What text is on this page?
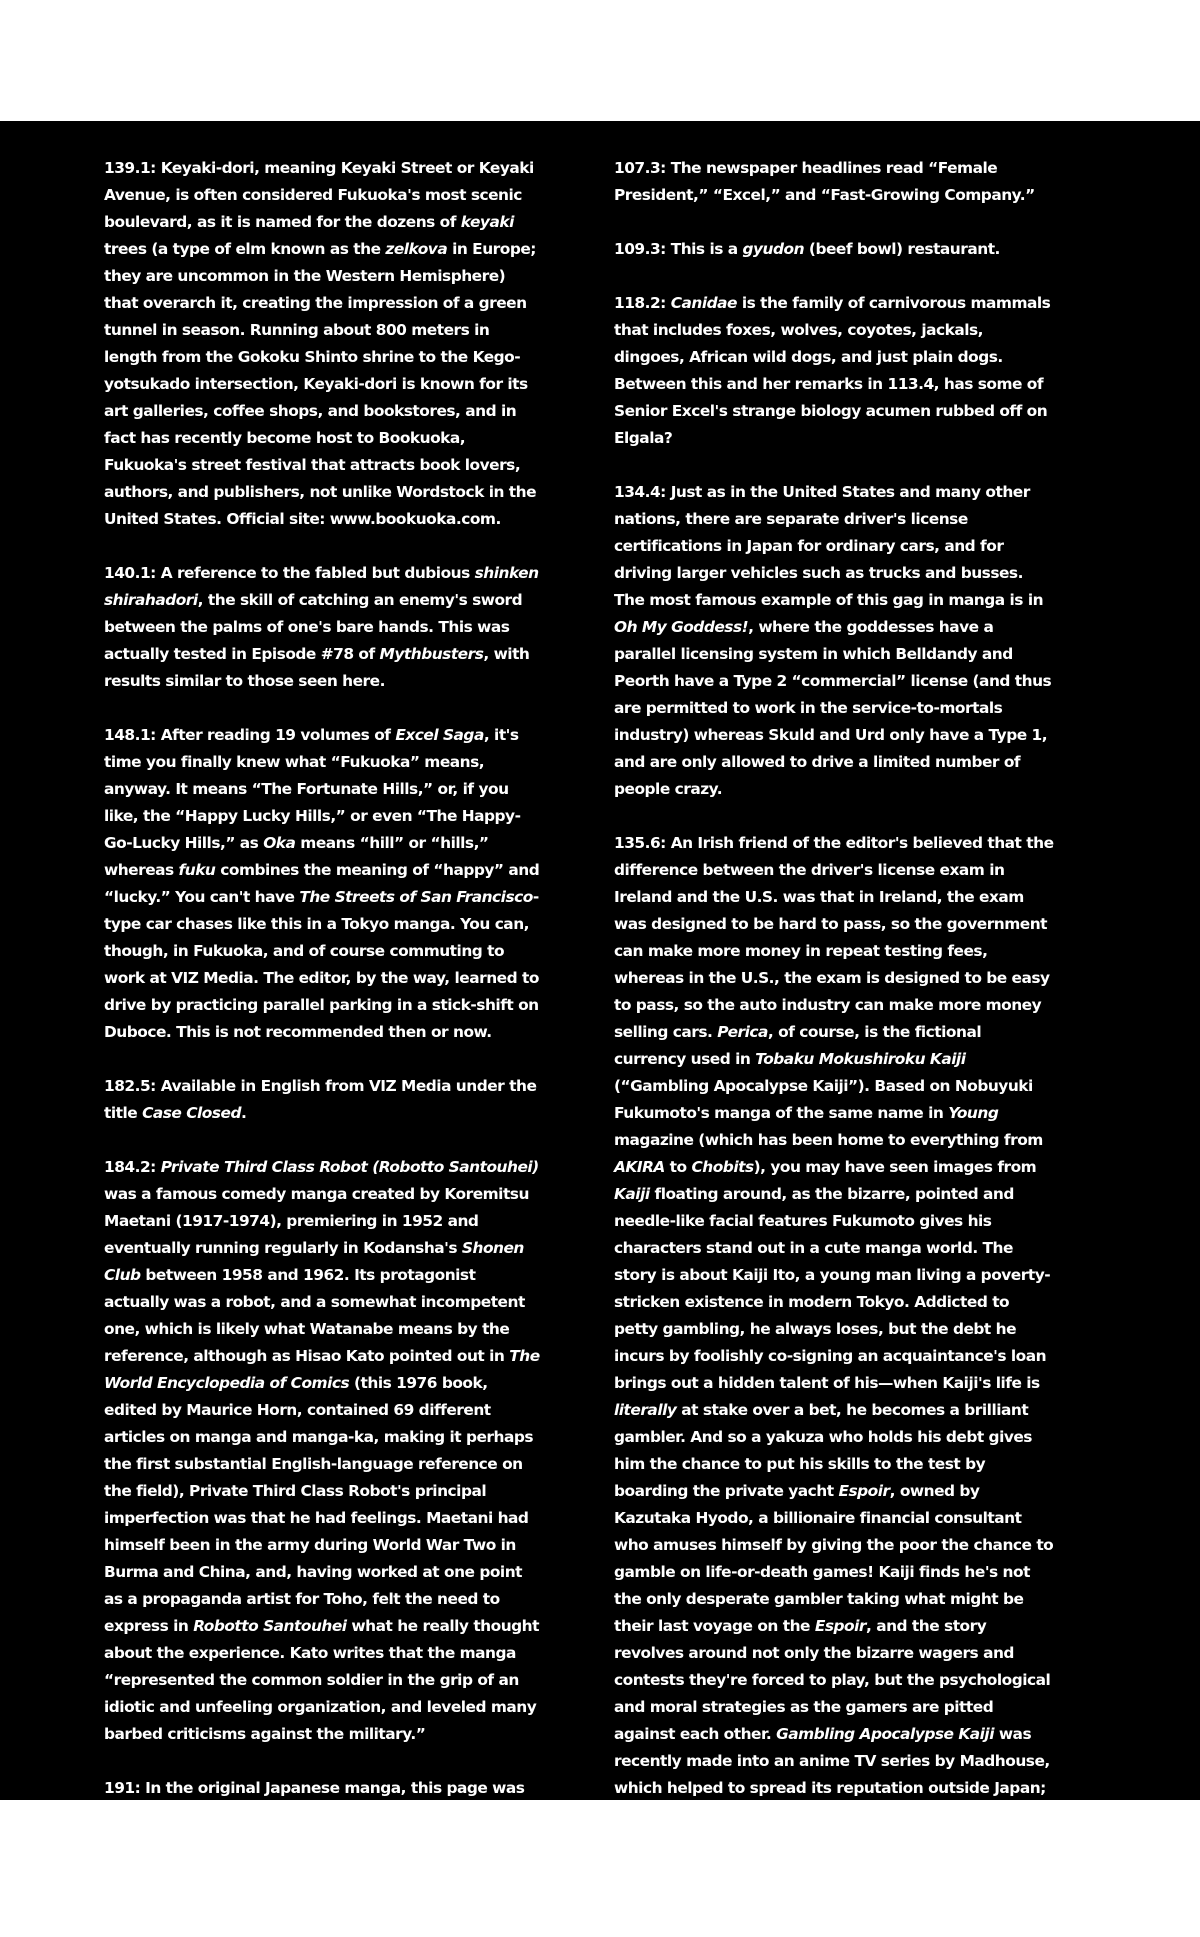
139.1: Keyaki-dori, meaning Keyaki Street or Keyaki Avenue, is often considered Fukuoka's most scenic boulevard, as it is named for the dozens of keyaki trees (a type of elm known as the zelkova in Europe; they are uncommon in the Western Hemisphere) that overarch it, creating the impression of a green tunnel in season. Running about 800 meters in length from the Gokoku Shinto shrine to the Kego-yotsukado intersection, Keyaki-dori is known for its art galleries, coffee shops, and bookstores, and in fact has recently become host to Bookuoka, Fukuoka's street festival that attracts book lovers, authors, and publishers, not unlike Wordstock in the United States. Official site: www.bookuoka.com.

140.1: A reference to the fabled but dubious shinken shirahadori, the skill of catching an enemy's sword between the palms of one's bare hands. This was actually tested in Episode #78 of Mythbusters, with results similar to those seen here.

148.1: After reading 19 volumes of Excel Saga, it's time you finally knew what “Fukuoka” means, anyway. It means “The Fortunate Hills,” or, if you like, the “Happy Lucky Hills,” or even “The Happy-Go-Lucky Hills,” as Oka means “hill” or “hills,” whereas fuku combines the meaning of “happy” and “lucky.” You can't have The Streets of San Francisco-type car chases like this in a Tokyo manga. You can, though, in Fukuoka, and of course commuting to work at VIZ Media. The editor, by the way, learned to drive by practicing parallel parking in a stick-shift on Duboce. This is not recommended then or now.

182.5: Available in English from VIZ Media under the title Case Closed.

184.2: Private Third Class Robot (Robotto Santouhei) was a famous comedy manga created by Koremitsu Maetani (1917-1974), premiering in 1952 and eventually running regularly in Kodansha's Shonen Club between 1958 and 1962. Its protagonist actually was a robot, and a somewhat incompetent one, which is likely what Watanabe means by the reference, although as Hisao Kato pointed out in The World Encyclopedia of Comics (this 1976 book, edited by Maurice Horn, contained 69 different articles on manga and manga-ka, making it perhaps the first substantial English-language reference on the field), Private Third Class Robot's principal imperfection was that he had feelings. Maetani had himself been in the army during World War Two in Burma and China, and, having worked at one point as a propaganda artist for Toho, felt the need to express in Robotto Santouhei what he really thought about the experience. Kato writes that the manga “represented the common soldier in the grip of an idiotic and unfeeling organization, and leveled many barbed criticisms against the military.”

191: In the original Japanese manga, this page was literally an undercover message; that is, it was printed underneath the dust jacket on the front cover.

107.3: The newspaper headlines read “Female President,” “Excel,” and “Fast-Growing Company.”

109.3: This is a gyudon (beef bowl) restaurant.

118.2: Canidae is the family of carnivorous mammals that includes foxes, wolves, coyotes, jackals, dingoes, African wild dogs, and just plain dogs. Between this and her remarks in 113.4, has some of Senior Excel's strange biology acumen rubbed off on Elgala?

134.4: Just as in the United States and many other nations, there are separate driver's license certifications in Japan for ordinary cars, and for driving larger vehicles such as trucks and busses. The most famous example of this gag in manga is in Oh My Goddess!, where the goddesses have a parallel licensing system in which Belldandy and Peorth have a Type 2 “commercial” license (and thus are permitted to work in the service-to-mortals industry) whereas Skuld and Urd only have a Type 1, and are only allowed to drive a limited number of people crazy.

135.6: An Irish friend of the editor's believed that the difference between the driver's license exam in Ireland and the U.S. was that in Ireland, the exam was designed to be hard to pass, so the government can make more money in repeat testing fees, whereas in the U.S., the exam is designed to be easy to pass, so the auto industry can make more money selling cars. Perica, of course, is the fictional currency used in Tobaku Mokushiroku Kaiji (“Gambling Apocalypse Kaiji”). Based on Nobuyuki Fukumoto's manga of the same name in Young magazine (which has been home to everything from AKIRA to Chobits), you may have seen images from Kaiji floating around, as the bizarre, pointed and needle-like facial features Fukumoto gives his characters stand out in a cute manga world. The story is about Kaiji Ito, a young man living a poverty-stricken existence in modern Tokyo. Addicted to petty gambling, he always loses, but the debt he incurs by foolishly co-signing an acquaintance's loan brings out a hidden talent of his—when Kaiji's life is literally at stake over a bet, he becomes a brilliant gambler. And so a yakuza who holds his debt gives him the chance to put his skills to the test by boarding the private yacht Espoir, owned by Kazutaka Hyodo, a billionaire financial consultant who amuses himself by giving the poor the chance to gamble on life-or-death games! Kaiji finds he's not the only desperate gambler taking what might be their last voyage on the Espoir, and the story revolves around not only the bizarre wagers and contests they're forced to play, but the psychological and moral strategies as the gamers are pitted against each other. Gambling Apocalypse Kaiji was recently made into an anime TV series by Madhouse, which helped to spread its reputation outside Japan; you can't get a better feel for it than by listening to its review on the always-recommended Anime World Order podcast, Show #70, at animeworldorder.blogspot.com.
